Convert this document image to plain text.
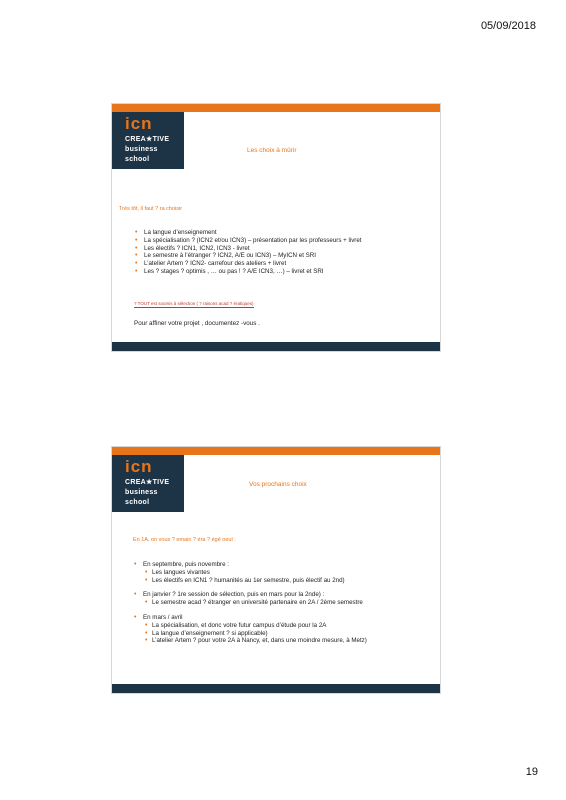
05/09/2018
icn
CREA★TIVE
business
school
Les choix à mûrir
Très tôt, il faut ? ra choisir
• La langue d’enseignement
• La spécialisation ? (ICN2 et/ou ICN3) – présentation par les professeurs + livret
• Les électifs ? ICN1, ICN2, ICN3 - livret
• Le semestre à l’étranger ? ICN2, A/E ou ICN3) – MyICN et SRI
• L’atelier Artem ? ICN2- carrefour des ateliers + livret
• Les ? stages ? optimis , … ou pas ! ? A/E ICN3, …) – livret et SRI
? TOUT est soumis à sélection ( ? raisons acad ? ératiques)
Pour affiner votre projet , documentez -vous .
icn
CREA★TIVE
business
school
Vos prochains choix
En 1A, on vous ? emain ? éra ? égé oeul :
• En septembre, puis novembre :
• Les langues vivantes
• Les électifs en ICN1 ? humanités au 1er semestre, puis électif au 2nd)
• En janvier ? 1re session de sélection, puis en mars pour la 2nde) :
• Le semestre acad ? étranger en université partenaire en 2A / 2ème semestre
• En mars / avril
• La spécialisation, et donc votre futur campus d’étude pour la 2A
• La langue d’enseignement ? si applicable)
• L’atelier Artem ? pour votre 2A à Nancy, et, dans une moindre mesure, à Metz)
19
